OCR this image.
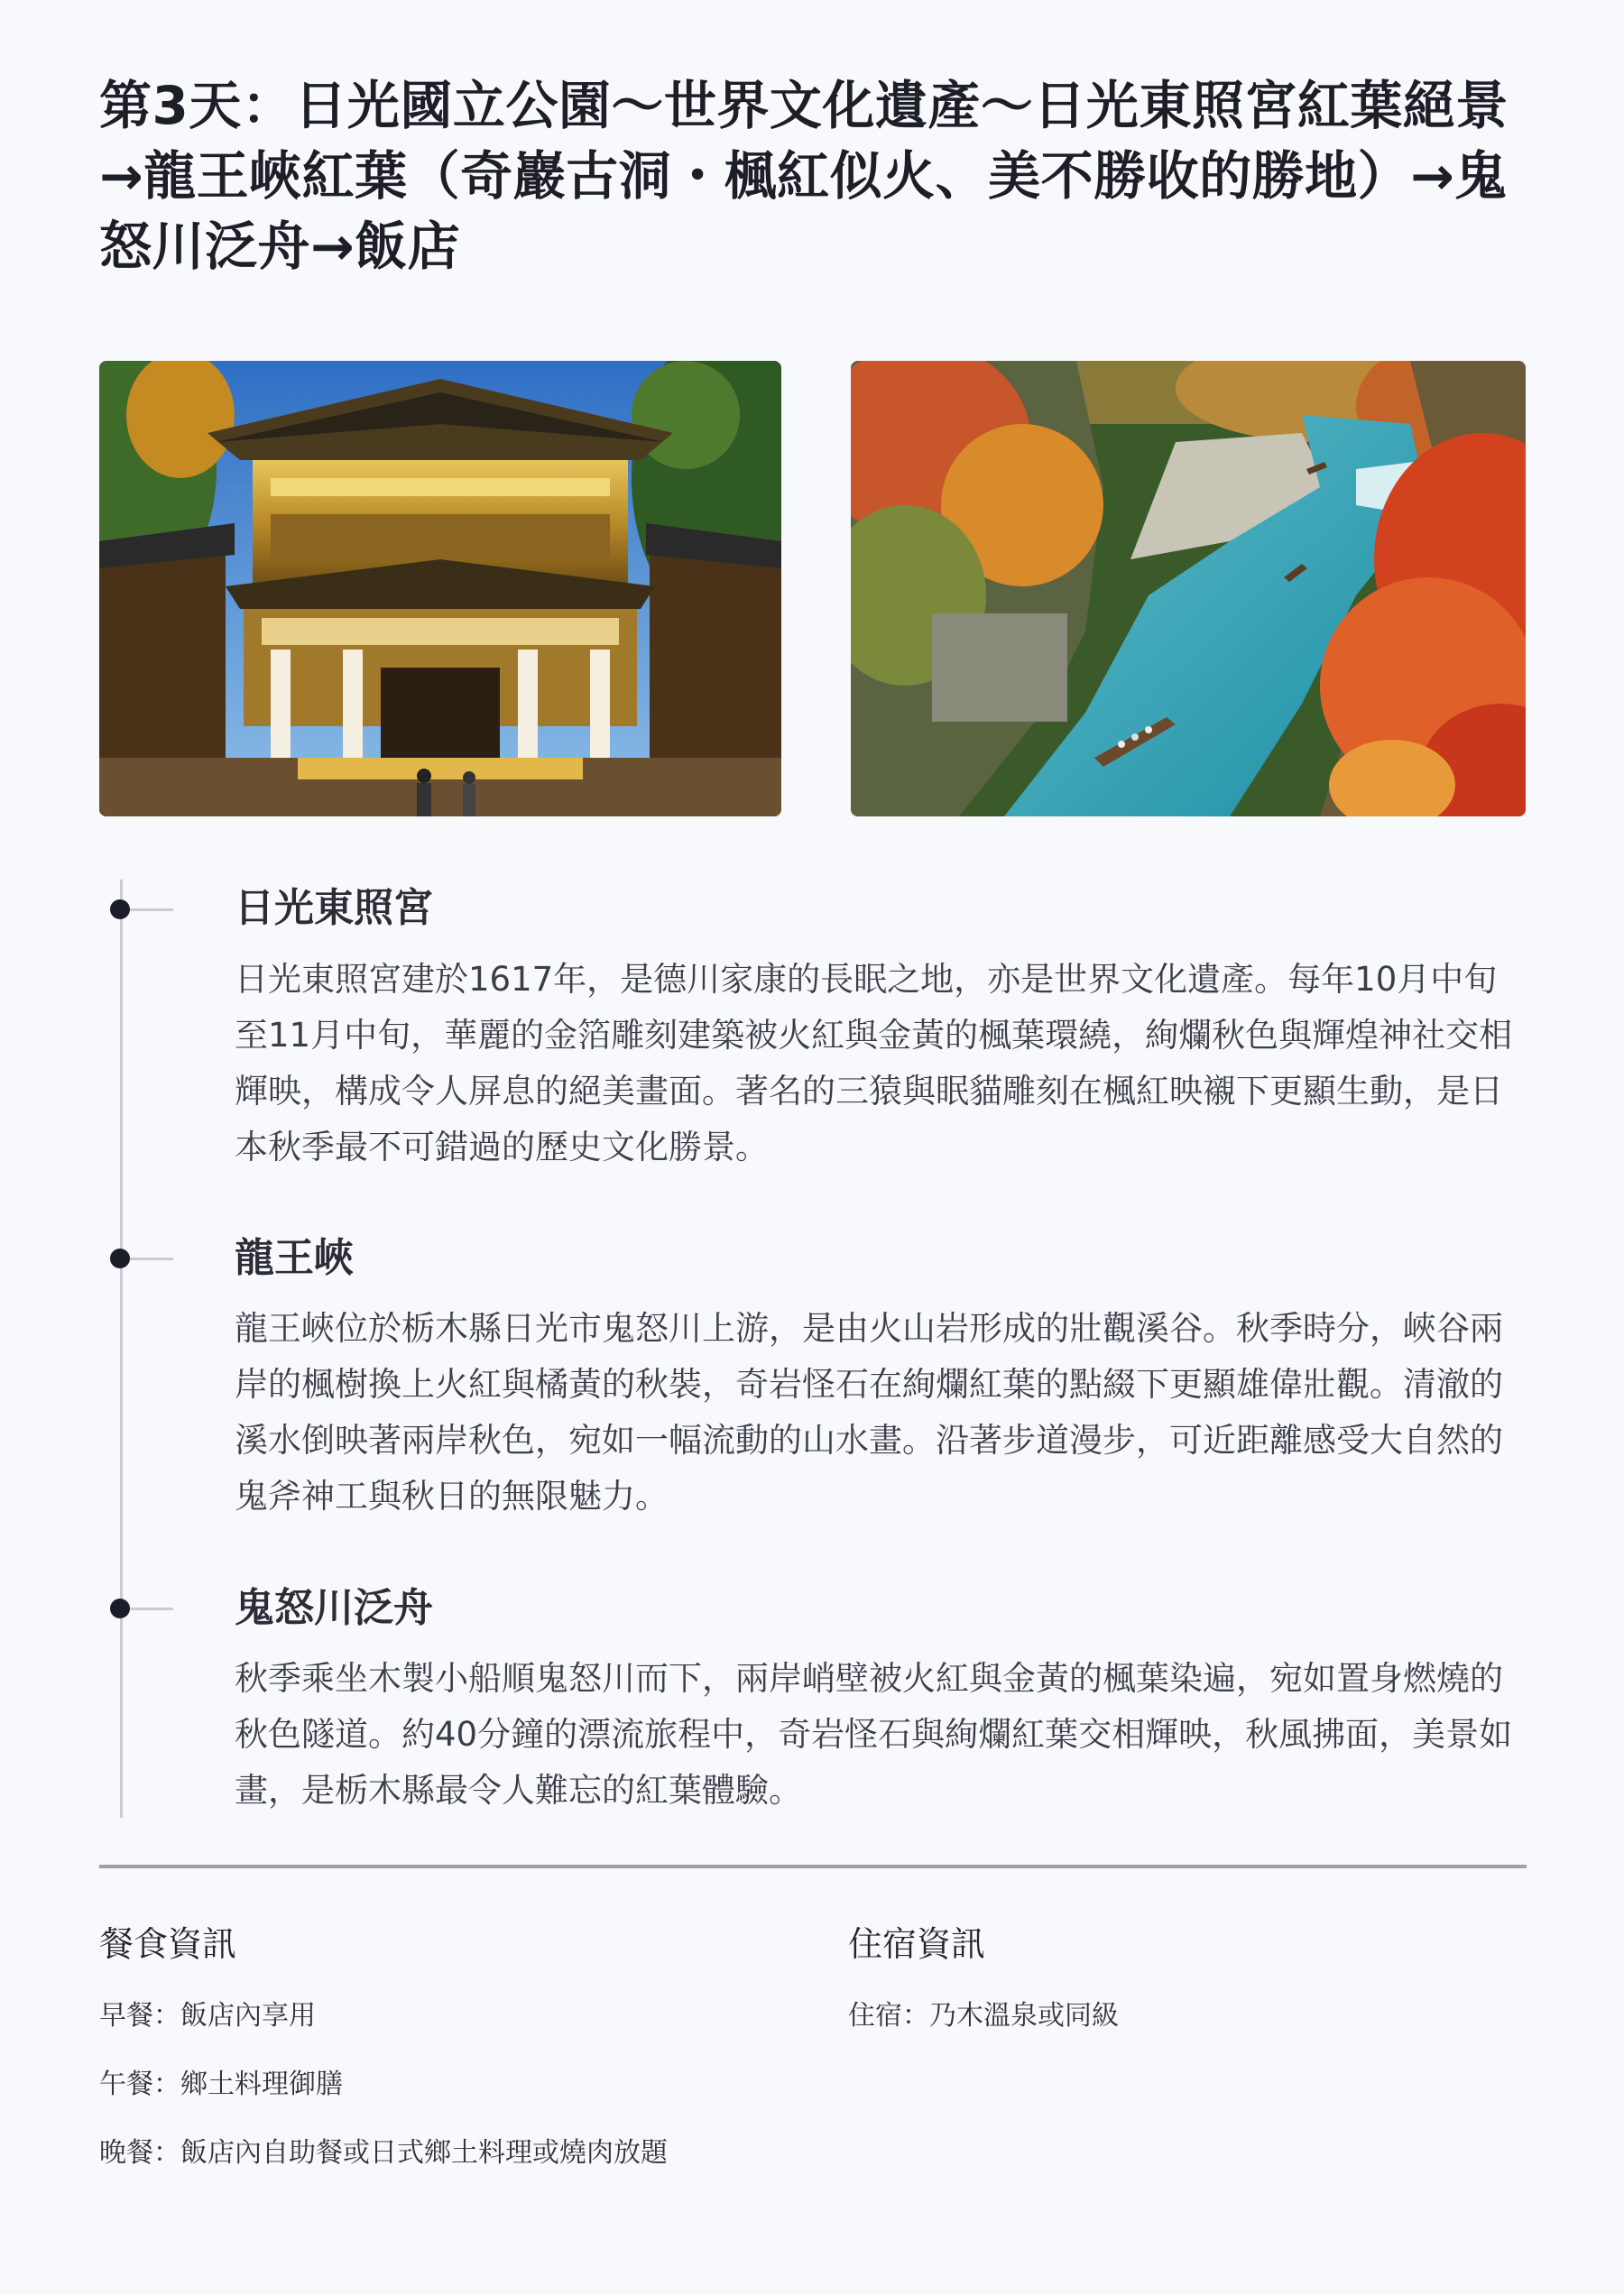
第3天：日光國立公園～世界文化遺產～日光東照宮紅葉絕景→龍王峽紅葉（奇巖古洞・楓紅似火、美不勝收的勝地）→鬼怒川泛舟→飯店
日光東照宮

日光東照宮建於1617年，是德川家康的長眠之地，亦是世界文化遺產。每年10月中旬至11月中旬，華麗的金箔雕刻建築被火紅與金黃的楓葉環繞，絢爛秋色與輝煌神社交相輝映，構成令人屏息的絕美畫面。著名的三猿與眠貓雕刻在楓紅映襯下更顯生動，是日本秋季最不可錯過的歷史文化勝景。

龍王峽

龍王峽位於栃木縣日光市鬼怒川上游，是由火山岩形成的壯觀溪谷。秋季時分，峽谷兩岸的楓樹換上火紅與橘黃的秋裝，奇岩怪石在絢爛紅葉的點綴下更顯雄偉壯觀。清澈的溪水倒映著兩岸秋色，宛如一幅流動的山水畫。沿著步道漫步，可近距離感受大自然的鬼斧神工與秋日的無限魅力。

鬼怒川泛舟

秋季乘坐木製小船順鬼怒川而下，兩岸峭壁被火紅與金黃的楓葉染遍，宛如置身燃燒的秋色隧道。約40分鐘的漂流旅程中，奇岩怪石與絢爛紅葉交相輝映，秋風拂面，美景如畫，是栃木縣最令人難忘的紅葉體驗。

餐食資訊

早餐：飯店內享用

午餐：鄉土料理御膳

晚餐：飯店內自助餐或日式鄉土料理或燒肉放題

住宿資訊

住宿：乃木溫泉或同級
